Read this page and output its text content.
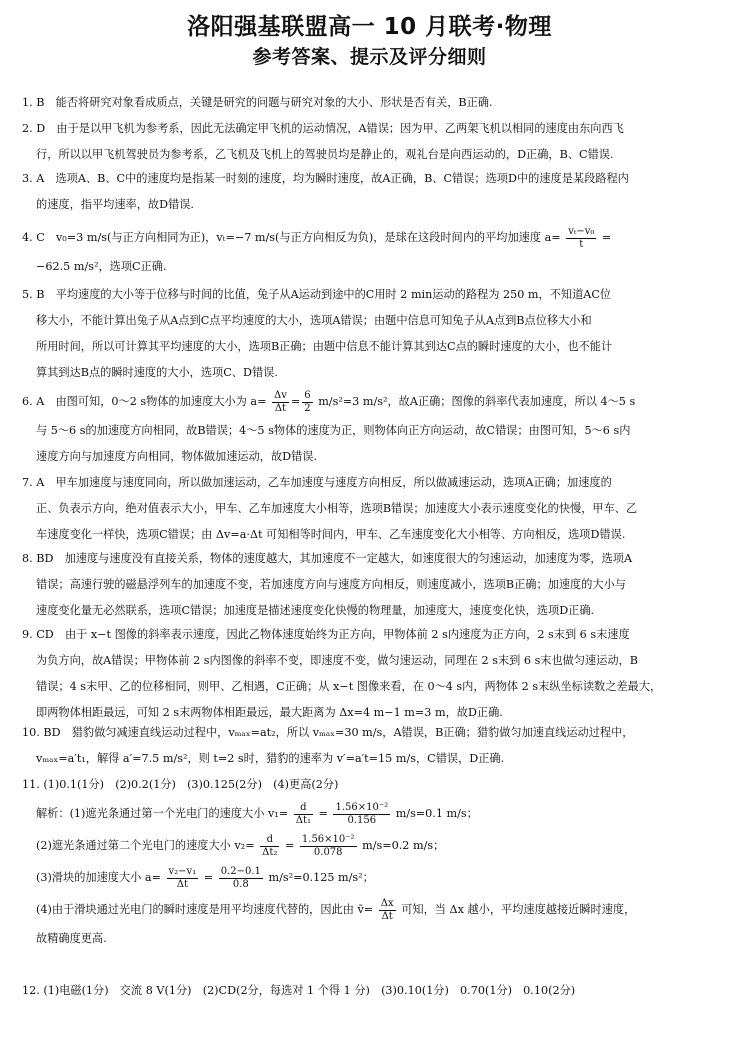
洛阳强基联盟高一 10 月联考·物理
参考答案、提示及评分细则
1. B　能否将研究对象看成质点，关键是研究的问题与研究对象的大小、形状是否有关，B正确.
2. D　由于是以甲飞机为参考系，因此无法确定甲飞机的运动情况，A错误；因为甲、乙两架飞机以相同的速度由东向西飞
行，所以以甲飞机驾驶员为参考系，乙飞机及飞机上的驾驶员均是静止的，观礼台是向西运动的，D正确，B、C错误.
3. A　选项A、B、C中的速度均是指某一时刻的速度，均为瞬时速度，故A正确，B、C错误；选项D中的速度是某段路程内
的速度，指平均速率，故D错误.
4. C　v₀=3 m/s(与正方向相同为正)，vₜ=−7 m/s(与正方向相反为负)，是球在这段时间内的平均加速度 $a= \frac{\text{vₜ−v₀}}{t}$ =
−62.5 m/s²，选项C正确.
5. B　平均速度的大小等于位移与时间的比值，兔子从A运动到途中的C用时 2 min运动的路程为 250 m，不知道AC位
移大小，不能计算出兔子从A点到C点平均速度的大小，选项A错误；由题中信息可知兔子从A点到B点位移大小和
所用时间，所以可计算其平均速度的大小，选项B正确；由题中信息不能计算其到达C点的瞬时速度的大小，也不能计
算其到达B点的瞬时速度的大小，选项C、D错误.
6. A　由图可知，0～2 s物体的加速度大小为 $a= \frac{\Delta v}{\Delta t} = \frac{6}{2} m/s^2=3$ m/s²，故A正确；图像的斜率代表加速度，所以 4～5 s
与 5～6 s的加速度方向相同，故B错误；4～5 s物体的速度为正，则物体向正方向运动，故C错误；由图可知，5～6 s内
速度方向与加速度方向相同，物体做加速运动，故D错误.
7. A　甲车加速度与速度同向，所以做加速运动，乙车加速度与速度方向相反，所以做减速运动，选项A正确；加速度的
正、负表示方向，绝对值表示大小，甲车、乙车加速度大小相等，选项B错误；加速度大小表示速度变化的快慢，甲车、乙
车速度变化一样快，选项C错误；由 Δv=a·Δt 可知相等时间内，甲车、乙车速度变化大小相等、方向相反，选项D错误.
8. BD　加速度与速度没有直接关系，物体的速度越大，其加速度不一定越大，如速度很大的匀速运动，加速度为零，选项A
错误；高速行驶的磁悬浮列车的加速度不变，若加速度方向与速度方向相反，则速度减小，选项B正确；加速度的大小与
速度变化量无必然联系，选项C错误；加速度是描述速度变化快慢的物理量，加速度大，速度变化快，选项D正确.
9. CD　由于 x−t 图像的斜率表示速度，因此乙物体速度始终为正方向，甲物体前 2 s内速度为正方向，2 s末到 6 s末速度
为负方向，故A错误；甲物体前 2 s内图像的斜率不变，即速度不变，做匀速运动，同理在 2 s末到 6 s末也做匀速运动，B
错误；4 s末甲、乙的位移相同，则甲、乙相遇，C正确；从 x−t 图像来看，在 0～4 s内，两物体 2 s末纵坐标读数之差最大，
即两物体相距最远，可知 2 s末两物体相距最远，最大距离为 Δx=4 m−1 m=3 m，故D正确.
10. BD　猎豹做匀减速直线运动过程中，vₘₐₓ=at₂，所以 vₘₐₓ=30 m/s，A错误，B正确；猎豹做匀加速直线运动过程中，
vₘₐₓ=a′t₁，解得 a′=7.5 m/s²，则 t=2 s时，猎豹的速率为 v′=a′t=15 m/s，C错误，D正确.
11. (1)0.1(1分)　(2)0.2(1分)　(3)0.125(2分)　(4)更高(2分)
解析：(1)遮光条通过第一个光电门的速度大小 $v_1= \frac{d}{\text{Δt₁}} = \frac{\text{1.56×10⁻²}}{0.156} m/s=0.1$ m/s；
(2)遮光条通过第二个光电门的速度大小 $v_2= \frac{d}{\text{Δt₂}} = \frac{\text{1.56×10⁻²}}{0.078} m/s=0.2$ m/s；
(3)滑块的加速度大小 $a= \frac{\text{v₂−v₁}}{\Delta t} = \frac{0.2-0.1}{0.8} m/s^2=0.125$ m/s²；
(4)由于滑块通过光电门的瞬时速度是用平均速度代替的，因此由 v̄= $\frac{\Delta x}{\Delta t}$ 可知，当 Δx 越小，平均速度越接近瞬时速度，
故精确度更高.
12. (1)电磁(1分)　交流 8 V(1分)　(2)CD(2分，每选对 1 个得 1 分)　(3)0.10(1分)　0.70(1分)　0.10(2分)
